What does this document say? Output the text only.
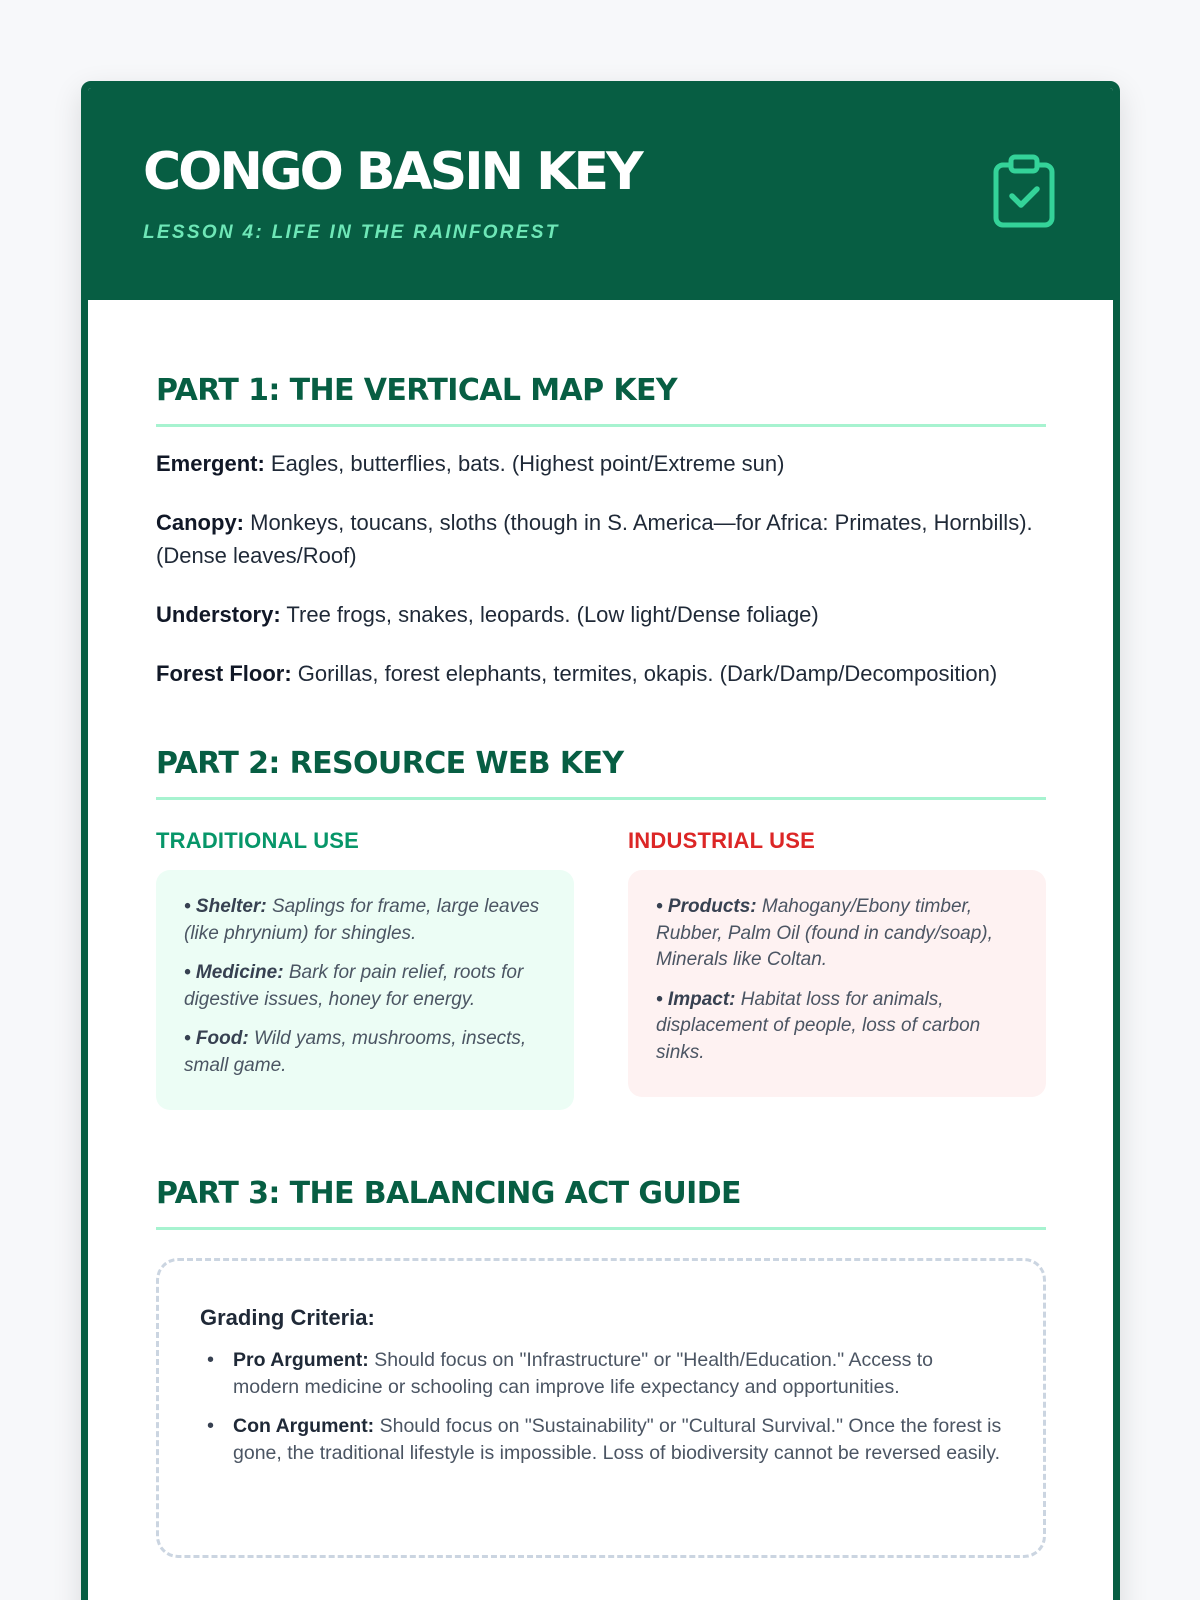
CONGO BASIN KEY
LESSON 4: LIFE IN THE RAINFOREST
PART 1: THE VERTICAL MAP KEY
Emergent: Eagles, butterflies, bats. (Highest point/Extreme sun)
Canopy: Monkeys, toucans, sloths (though in S. America—for Africa: Primates, Hornbills). (Dense leaves/Roof)
Understory: Tree frogs, snakes, leopards. (Low light/Dense foliage)
Forest Floor: Gorillas, forest elephants, termites, okapis. (Dark/Damp/Decomposition)
PART 2: RESOURCE WEB KEY
TRADITIONAL USE
• Shelter: Saplings for frame, large leaves (like phrynium) for shingles.
• Medicine: Bark for pain relief, roots for digestive issues, honey for energy.
• Food: Wild yams, mushrooms, insects, small game.
INDUSTRIAL USE
• Products: Mahogany/Ebony timber, Rubber, Palm Oil (found in candy/soap), Minerals like Coltan.
• Impact: Habitat loss for animals, displacement of people, loss of carbon sinks.
PART 3: THE BALANCING ACT GUIDE
Grading Criteria:
• Pro Argument: Should focus on "Infrastructure" or "Health/Education." Access to modern medicine or schooling can improve life expectancy and opportunities.
• Con Argument: Should focus on "Sustainability" or "Cultural Survival." Once the forest is gone, the traditional lifestyle is impossible. Loss of biodiversity cannot be reversed easily.
